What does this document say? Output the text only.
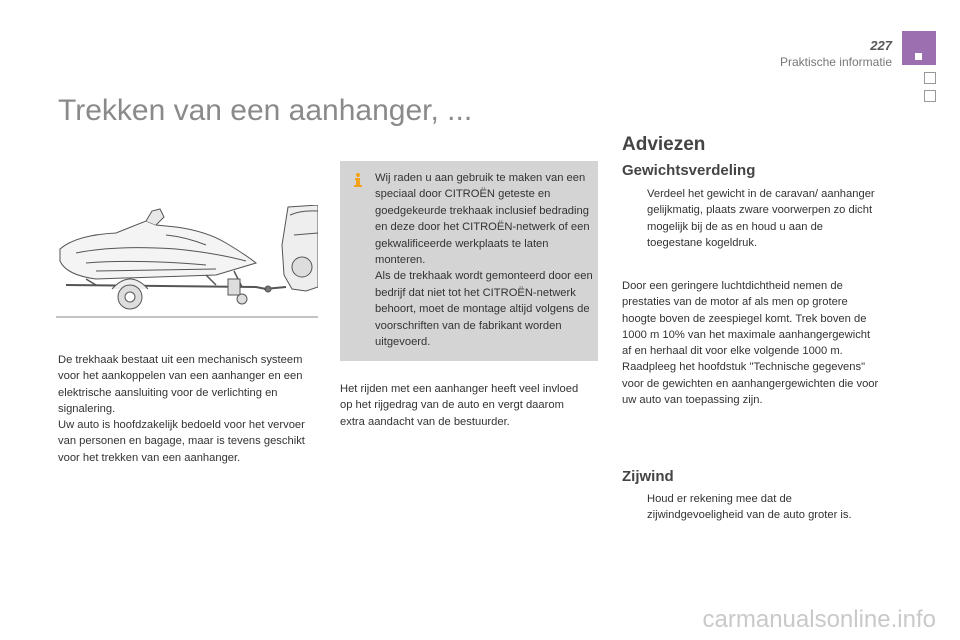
227
Praktische informatie
Trekken van een aanhanger, ...
De trekhaak bestaat uit een mechanisch systeem voor het aankoppelen van een aanhanger en een elektrische aansluiting voor de verlichting en signalering.
Uw auto is hoofdzakelijk bedoeld voor het vervoer van personen en bagage, maar is tevens geschikt voor het trekken van een aanhanger.
Wij raden u aan gebruik te maken van een speciaal door CITROËN geteste en goedgekeurde trekhaak inclusief bedrading en deze door het CITROËN-netwerk of een gekwalificeerde werkplaats te laten monteren.
Als de trekhaak wordt gemonteerd door een bedrijf dat niet tot het CITROËN-netwerk behoort, moet de montage altijd volgens de voorschriften van de fabrikant worden uitgevoerd.
Het rijden met een aanhanger heeft veel invloed op het rijgedrag van de auto en vergt daarom extra aandacht van de bestuurder.
Adviezen
Gewichtsverdeling
Verdeel het gewicht in de caravan/ aanhanger gelijkmatig, plaats zware voorwerpen zo dicht mogelijk bij de as en houd u aan de toegestane kogeldruk.
Door een geringere luchtdichtheid nemen de prestaties van de motor af als men op grotere hoogte boven de zeespiegel komt. Trek boven de 1000 m 10% van het maximale aanhangergewicht af en herhaal dit voor elke volgende 1000 m.
Raadpleeg het hoofdstuk "Technische gegevens" voor de gewichten en aanhangergewichten die voor uw auto van toepassing zijn.
Zijwind
Houd er rekening mee dat de zijwindgevoeligheid van de auto groter is.
carmanualsonline.info
